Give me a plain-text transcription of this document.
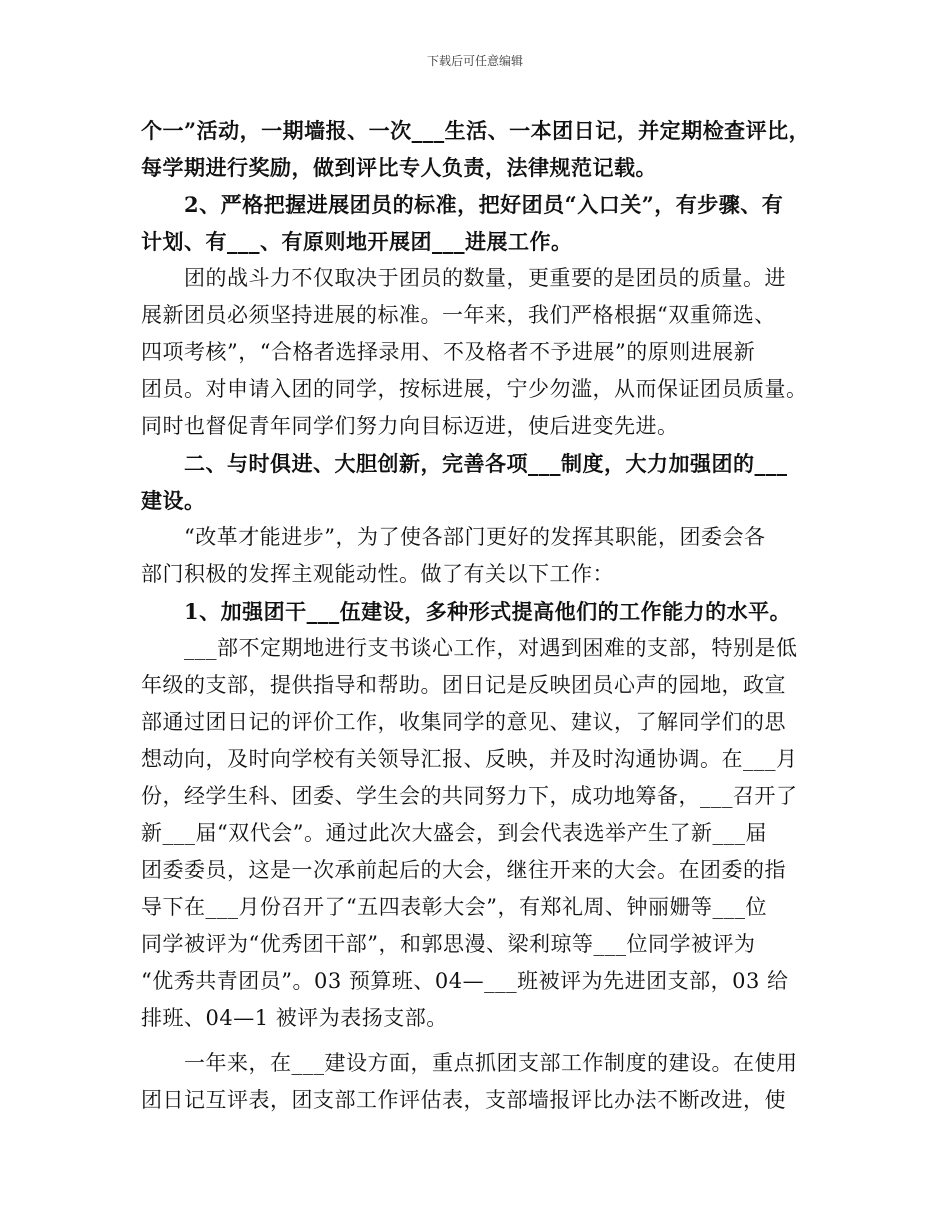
下载后可任意编辑

个一”活动，一期墙报、一次___生活、一本团日记，并定期检查评比，
每学期进行奖励，做到评比专人负责，法律规范记载。

　　2、严格把握进展团员的标准，把好团员“入口关”，有步骤、有
计划、有___、有原则地开展团___进展工作。

　　团的战斗力不仅取决于团员的数量，更重要的是团员的质量。进
展新团员必须坚持进展的标准。一年来，我们严格根据“双重筛选、
四项考核”，“合格者选择录用、不及格者不予进展”的原则进展新
团员。对申请入团的同学，按标进展，宁少勿滥，从而保证团员质量。
同时也督促青年同学们努力向目标迈进，使后进变先进。

　　二、与时俱进、大胆创新，完善各项___制度，大力加强团的___
建设。

　　“改革才能进步”，为了使各部门更好的发挥其职能，团委会各
部门积极的发挥主观能动性。做了有关以下工作：

　　1、加强团干___伍建设，多种形式提高他们的工作能力的水平。

　　___部不定期地进行支书谈心工作，对遇到困难的支部，特别是低
年级的支部，提供指导和帮助。团日记是反映团员心声的园地，政宣
部通过团日记的评价工作，收集同学的意见、建议，了解同学们的思
想动向，及时向学校有关领导汇报、反映，并及时沟通协调。在___月
份，经学生科、团委、学生会的共同努力下，成功地筹备，___召开了
新___届“双代会”。通过此次大盛会，到会代表选举产生了新___届
团委委员，这是一次承前起后的大会，继往开来的大会。在团委的指
导下在___月份召开了“五四表彰大会”，有郑礼周、钟丽姗等___位
同学被评为“优秀团干部”，和郭思漫、梁利琼等___位同学被评为
“优秀共青团员”。03 预算班、04—___班被评为先进团支部，03 给
排班、04—1 被评为表扬支部。

　　一年来，在___建设方面，重点抓团支部工作制度的建设。在使用
团日记互评表，团支部工作评估表，支部墙报评比办法不断改进，使
